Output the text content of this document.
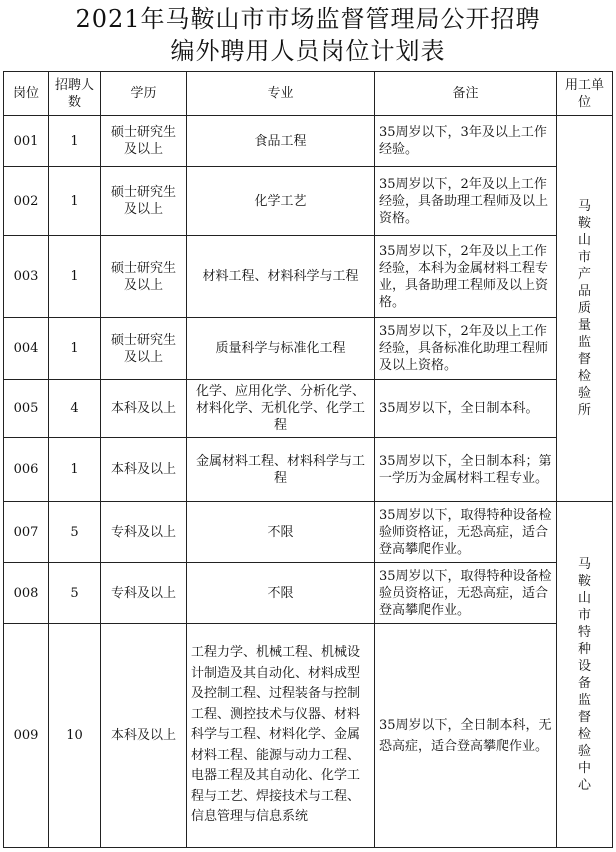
2021年马鞍山市市场监督管理局公开招聘
编外聘用人员岗位计划表
岗位	招聘人数	学历	专业	备注	用工单位
001	1	硕士研究生及以上	食品工程	35周岁以下，3年及以上工作经验。	马鞍山市产品质量监督检验所
002	1	硕士研究生及以上	化学工艺	35周岁以下，2年及以上工作经验，具备助理工程师及以上资格。	
003	1	硕士研究生及以上	材料工程、材料科学与工程	35周岁以下，2年及以上工作经验，本科为金属材料工程专业，具备助理工程师及以上资格。	
004	1	硕士研究生及以上	质量科学与标准化工程	35周岁以下，2年及以上工作经验，具备标准化助理工程师及以上资格。	
005	4	本科及以上	化学、应用化学、分析化学、材料化学、无机化学、化学工程	35周岁以下，全日制本科。	
006	1	本科及以上	金属材料工程、材料科学与工程	35周岁以下，全日制本科；第一学历为金属材料工程专业。	
007	5	专科及以上	不限	35周岁以下，取得特种设备检验师资格证，无恐高症，适合登高攀爬作业。	马鞍山市特种设备监督检验中心
008	5	专科及以上	不限	35周岁以下，取得特种设备检验员资格证，无恐高症，适合登高攀爬作业。	
009	10	本科及以上	工程力学、机械工程、机械设计制造及其自动化、材料成型及控制工程、过程装备与控制工程、测控技术与仪器、材料科学与工程、材料化学、金属材料工程、能源与动力工程、电器工程及其自动化、化学工程与工艺、焊接技术与工程、信息管理与信息系统	35周岁以下，全日制本科，无恐高症，适合登高攀爬作业。	
